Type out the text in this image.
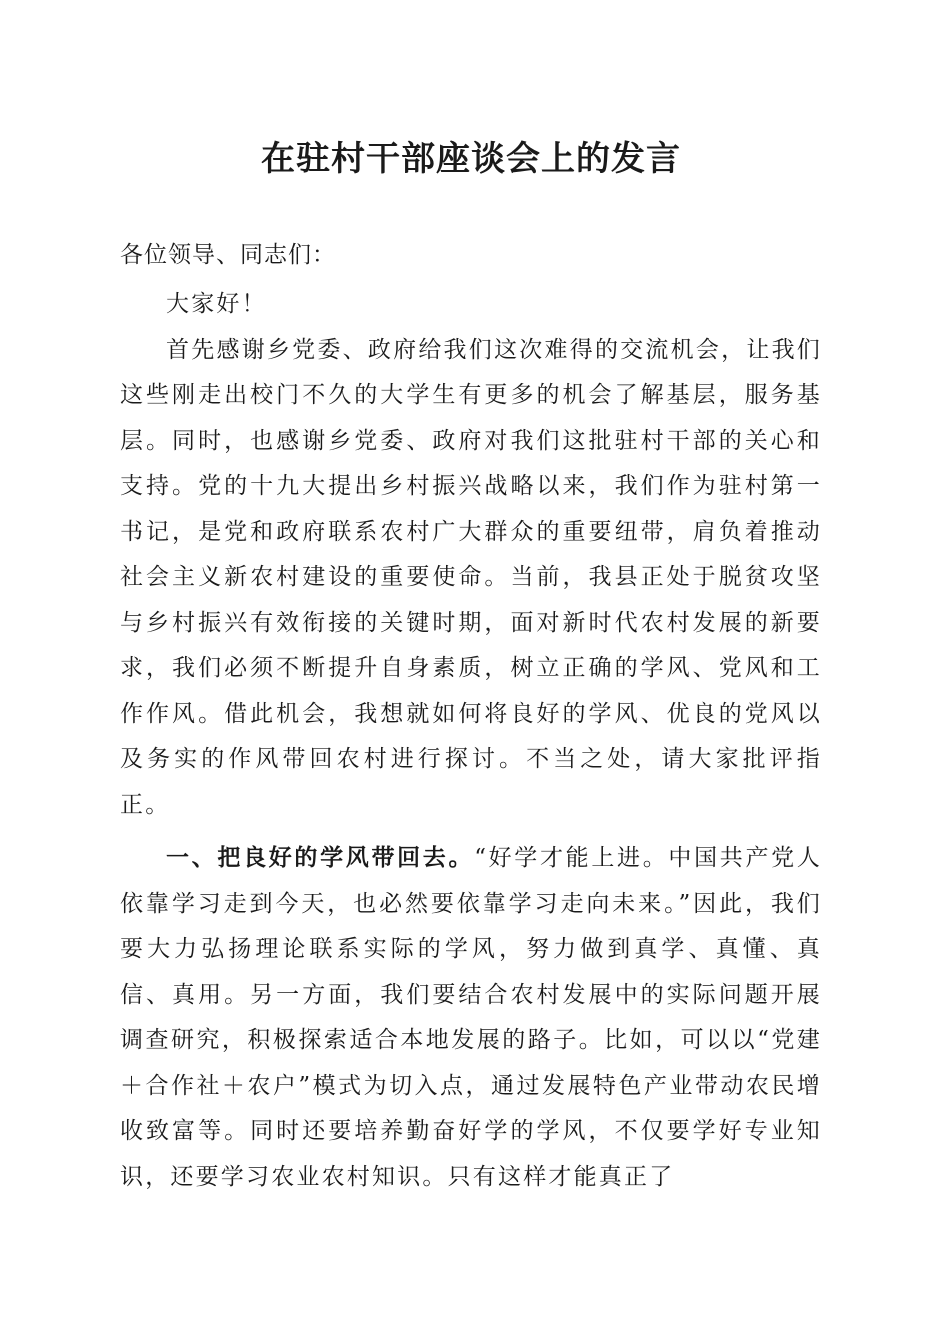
在驻村干部座谈会上的发言

各位领导、同志们：

大家好！

首先感谢乡党委、政府给我们这次难得的交流机会，让我们这些刚走出校门不久的大学生有更多的机会了解基层，服务基层。同时，也感谢乡党委、政府对我们这批驻村干部的关心和支持。党的十九大提出乡村振兴战略以来，我们作为驻村第一书记，是党和政府联系农村广大群众的重要纽带，肩负着推动社会主义新农村建设的重要使命。当前，我县正处于脱贫攻坚与乡村振兴有效衔接的关键时期，面对新时代农村发展的新要求，我们必须不断提升自身素质，树立正确的学风、党风和工作作风。借此机会，我想就如何将良好的学风、优良的党风以及务实的作风带回农村进行探讨。不当之处，请大家批评指正。

一、把良好的学风带回去。“好学才能上进。中国共产党人依靠学习走到今天，也必然要依靠学习走向未来。”因此，我们要大力弘扬理论联系实际的学风，努力做到真学、真懂、真信、真用。另一方面，我们要结合农村发展中的实际问题开展调查研究，积极探索适合本地发展的路子。比如，可以以“党建＋合作社＋农户”模式为切入点，通过发展特色产业带动农民增收致富等。同时还要培养勤奋好学的学风，不仅要学好专业知识，还要学习农业农村知识。只有这样才能真正了
